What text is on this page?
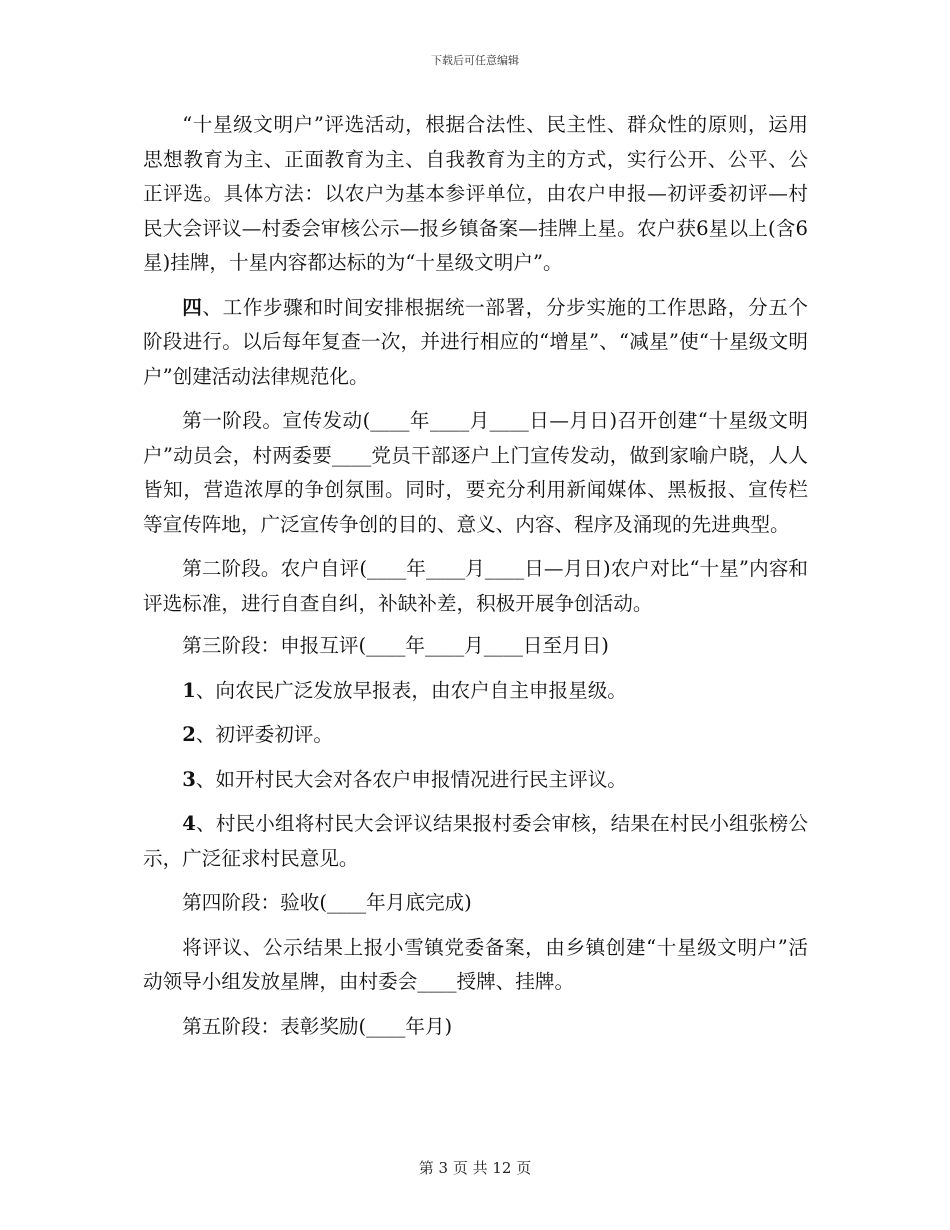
下载后可任意编辑

“十星级文明户”评选活动，根据合法性、民主性、群众性的原则，运用思想教育为主、正面教育为主、自我教育为主的方式，实行公开、公平、公正评选。具体方法：以农户为基本参评单位，由农户申报—初评委初评—村民大会评议—村委会审核公示—报乡镇备案—挂牌上星。农户获6星以上(含6星)挂牌，十星内容都达标的为“十星级文明户”。

四、工作步骤和时间安排根据统一部署，分步实施的工作思路，分五个阶段进行。以后每年复查一次，并进行相应的“增星”、“减星”使“十星级文明户”创建活动法律规范化。

第一阶段。宣传发动(____年____月____日—月日)召开创建“十星级文明户”动员会，村两委要____党员干部逐户上门宣传发动，做到家喻户晓，人人皆知，营造浓厚的争创氛围。同时，要充分利用新闻媒体、黑板报、宣传栏等宣传阵地，广泛宣传争创的目的、意义、内容、程序及涌现的先进典型。

第二阶段。农户自评(____年____月____日—月日)农户对比“十星”内容和评选标准，进行自查自纠，补缺补差，积极开展争创活动。

第三阶段：申报互评(____年____月____日至月日)

1、向农民广泛发放早报表，由农户自主申报星级。

2、初评委初评。

3、如开村民大会对各农户申报情况进行民主评议。

4、村民小组将村民大会评议结果报村委会审核，结果在村民小组张榜公示，广泛征求村民意见。

第四阶段：验收(____年月底完成)

将评议、公示结果上报小雪镇党委备案，由乡镇创建“十星级文明户”活动领导小组发放星牌，由村委会____授牌、挂牌。

第五阶段：表彰奖励(____年月)

第 3 页 共 12 页
